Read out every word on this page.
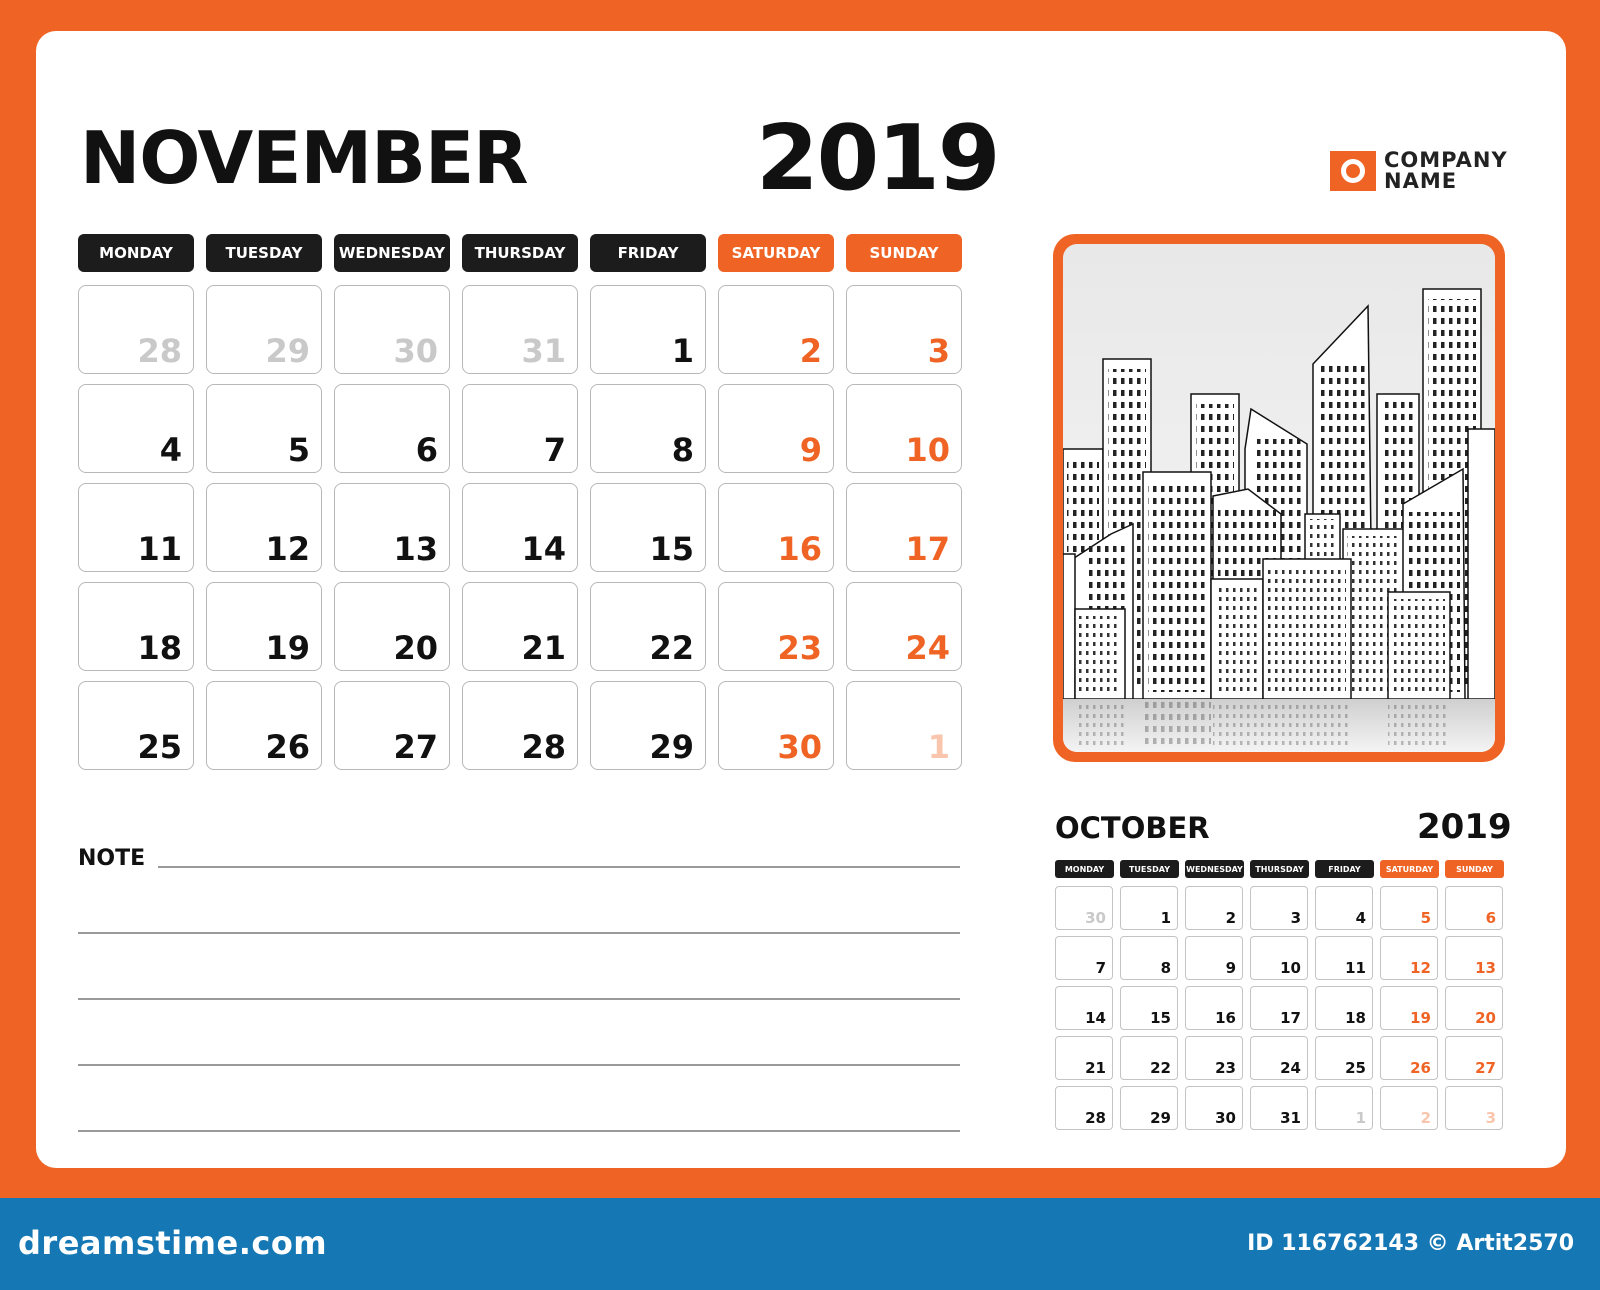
NOVEMBER	2019	COMPANY
NAME
MONDAY	TUESDAY	WEDNESDAY	THURSDAY	FRIDAY	SATURDAY	SUNDAY
28	29	30	31	1	2	3
4	5	6	7	8	9	10
11	12	13	14	15	16	17
18	19	20	21	22	23	24
25	26	27	28	29	30	1
NOTE
OCTOBER	2019
MONDAY	TUESDAY	WEDNESDAY	THURSDAY	FRIDAY	SATURDAY	SUNDAY
30	1	2	3	4	5	6
7	8	9	10	11	12	13
14	15	16	17	18	19	20
21	22	23	24	25	26	27
28	29	30	31	1	2	3
dreamstime.com	ID 116762143 © Artit2570
